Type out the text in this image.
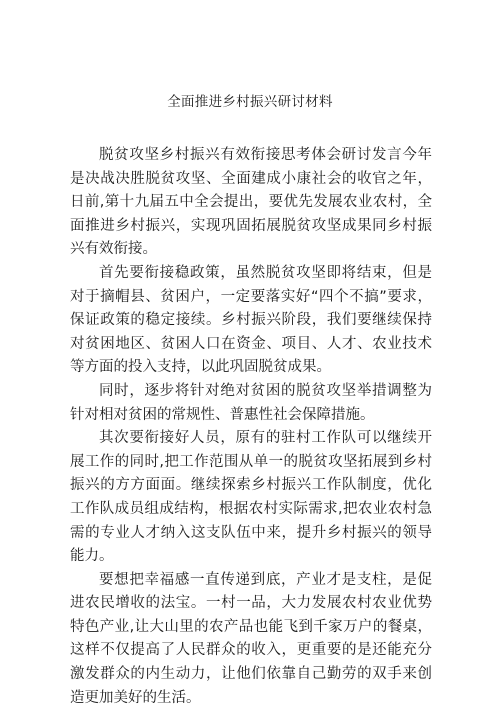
全面推进乡村振兴研讨材料

脱贫攻坚乡村振兴有效衔接思考体会研讨发言今年是决战决胜脱贫攻坚、全面建成小康社会的收官之年，日前,第十九届五中全会提出，要优先发展农业农村，全面推进乡村振兴，实现巩固拓展脱贫攻坚成果同乡村振兴有效衔接。

首先要衔接稳政策，虽然脱贫攻坚即将结束，但是对于摘帽县、贫困户，一定要落实好“四个不搞”要求，保证政策的稳定接续。乡村振兴阶段，我们要继续保持对贫困地区、贫困人口在资金、项目、人才、农业技术等方面的投入支持，以此巩固脱贫成果。

同时，逐步将针对绝对贫困的脱贫攻坚举措调整为针对相对贫困的常规性、普惠性社会保障措施。

其次要衔接好人员，原有的驻村工作队可以继续开展工作的同时,把工作范围从单一的脱贫攻坚拓展到乡村振兴的方方面面。继续探索乡村振兴工作队制度，优化工作队成员组成结构，根据农村实际需求,把农业农村急需的专业人才纳入这支队伍中来，提升乡村振兴的领导能力。

要想把幸福感一直传递到底，产业才是支柱，是促进农民增收的法宝。一村一品，大力发展农村农业优势特色产业,让大山里的农产品也能飞到千家万户的餐桌，这样不仅提高了人民群众的收入，更重要的是还能充分激发群众的内生动力，让他们依靠自己勤劳的双手来创造更加美好的生活。
